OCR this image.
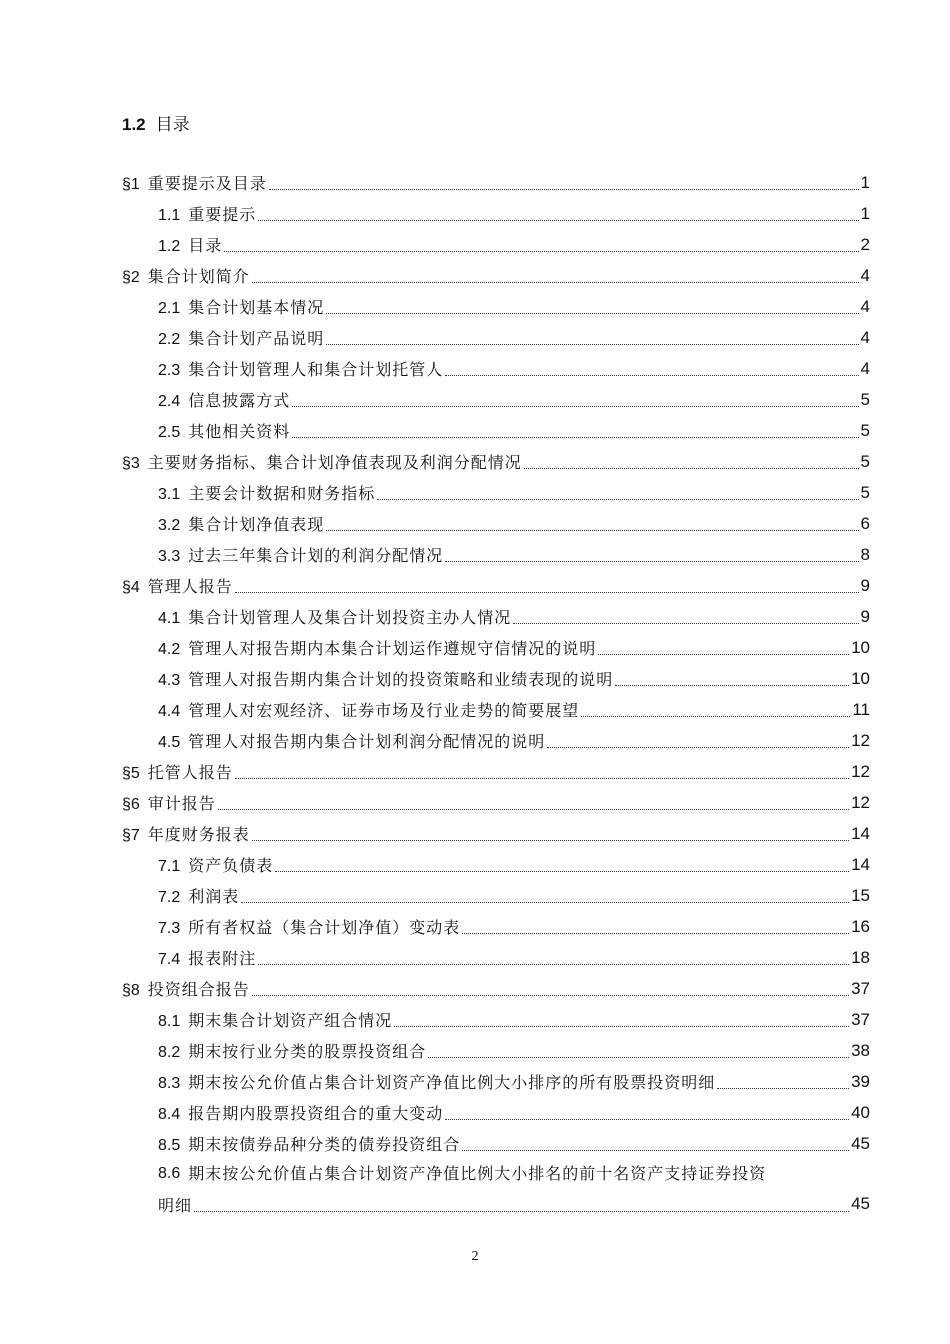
1.2 目录
§1 重要提示及目录	1
1.1 重要提示	1
1.2 目录	2
§2 集合计划简介	4
2.1 集合计划基本情况	4
2.2 集合计划产品说明	4
2.3 集合计划管理人和集合计划托管人	4
2.4 信息披露方式	5
2.5 其他相关资料	5
§3 主要财务指标、集合计划净值表现及利润分配情况	5
3.1 主要会计数据和财务指标	5
3.2 集合计划净值表现	6
3.3 过去三年集合计划的利润分配情况	8
§4 管理人报告	9
4.1 集合计划管理人及集合计划投资主办人情况	9
4.2 管理人对报告期内本集合计划运作遵规守信情况的说明	10
4.3 管理人对报告期内集合计划的投资策略和业绩表现的说明	10
4.4 管理人对宏观经济、证券市场及行业走势的简要展望	11
4.5 管理人对报告期内集合计划利润分配情况的说明	12
§5 托管人报告	12
§6 审计报告	12
§7 年度财务报表	14
7.1 资产负债表	14
7.2 利润表	15
7.3 所有者权益（集合计划净值）变动表	16
7.4 报表附注	18
§8 投资组合报告	37
8.1 期末集合计划资产组合情况	37
8.2 期末按行业分类的股票投资组合	38
8.3 期末按公允价值占集合计划资产净值比例大小排序的所有股票投资明细	39
8.4 报告期内股票投资组合的重大变动	40
8.5 期末按债券品种分类的债券投资组合	45
8.6 期末按公允价值占集合计划资产净值比例大小排名的前十名资产支持证券投资
明细	45
2
